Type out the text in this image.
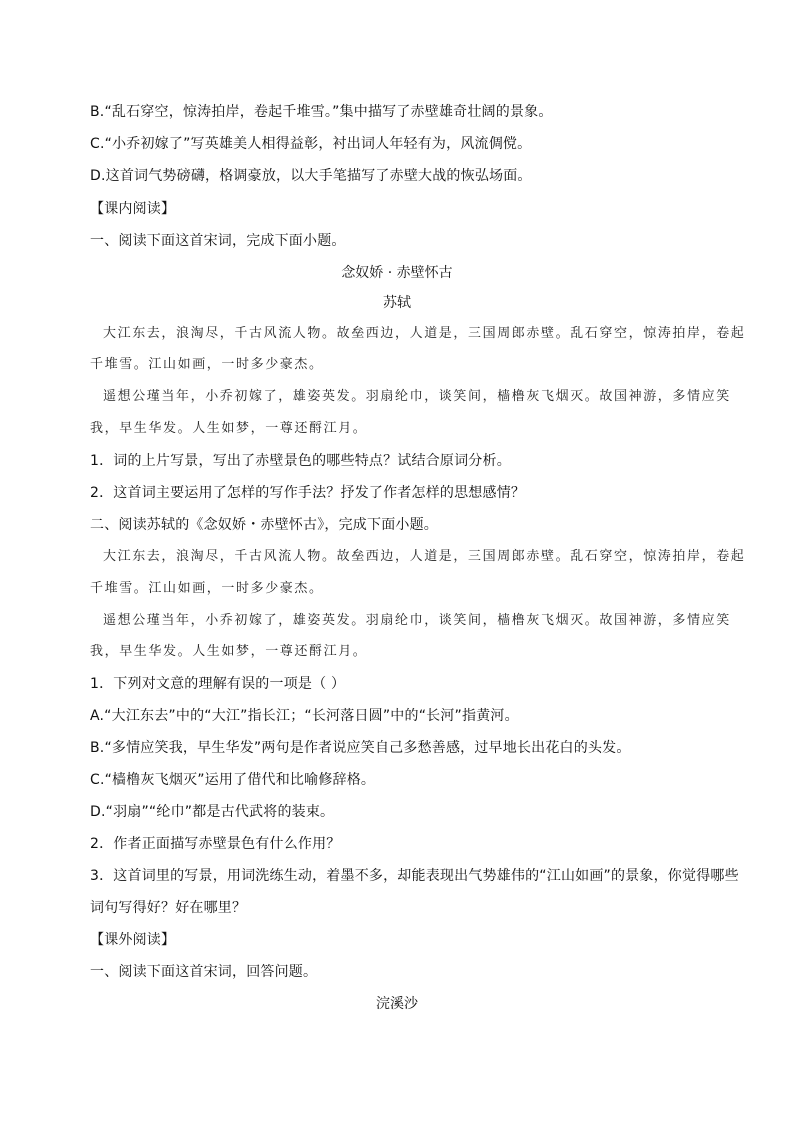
B.“乱石穿空，惊涛拍岸，卷起千堆雪。”集中描写了赤壁雄奇壮阔的景象。
C.“小乔初嫁了”写英雄美人相得益彰，衬出词人年轻有为，风流倜傥。
D.这首词气势磅礴，格调豪放，以大手笔描写了赤壁大战的恢弘场面。
【课内阅读】
一、阅读下面这首宋词，完成下面小题。
念奴娇 · 赤壁怀古
苏轼
大江东去，浪淘尽，千古风流人物。故垒西边，人道是，三国周郎赤壁。乱石穿空，惊涛拍岸，卷起
千堆雪。江山如画，一时多少豪杰。
遥想公瑾当年，小乔初嫁了，雄姿英发。羽扇纶巾，谈笑间，樯橹灰飞烟灭。故国神游，多情应笑
我，早生华发。人生如梦，一尊还酹江月。
1．词的上片写景，写出了赤壁景色的哪些特点？试结合原词分析。
2．这首词主要运用了怎样的写作手法？抒发了作者怎样的思想感情？
二、阅读苏轼的《念奴娇・赤壁怀古》，完成下面小题。
大江东去，浪淘尽，千古风流人物。故垒西边，人道是，三国周郎赤壁。乱石穿空，惊涛拍岸，卷起
千堆雪。江山如画，一时多少豪杰。
遥想公瑾当年，小乔初嫁了，雄姿英发。羽扇纶巾，谈笑间，樯橹灰飞烟灭。故国神游，多情应笑
我，早生华发。人生如梦，一尊还酹江月。
1．下列对文意的理解有误的一项是（ ）
A.“大江东去”中的“大江”指长江；“长河落日圆”中的“长河”指黄河。
B.“多情应笑我，早生华发”两句是作者说应笑自己多愁善感，过早地长出花白的头发。
C.“樯橹灰飞烟灭”运用了借代和比喻修辞格。
D.“羽扇”“纶巾”都是古代武将的装束。
2．作者正面描写赤壁景色有什么作用？
3．这首词里的写景，用词洗练生动，着墨不多，却能表现出气势雄伟的“江山如画”的景象，你觉得哪些
词句写得好？好在哪里？
【课外阅读】
一、阅读下面这首宋词，回答问题。
浣溪沙
